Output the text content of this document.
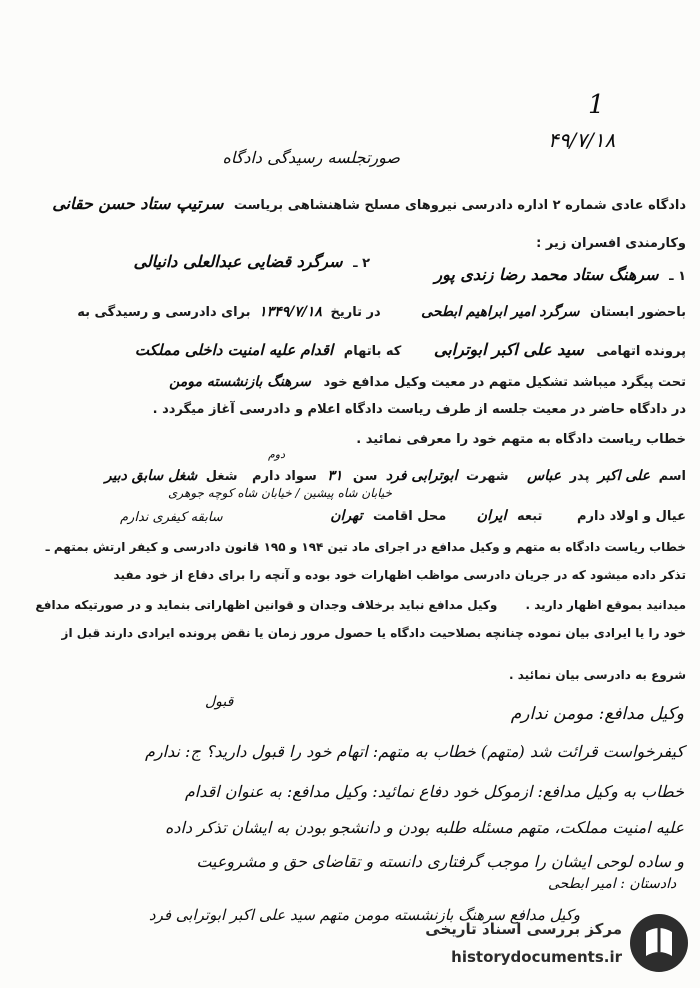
1
۴۹/۷/۱۸
صورتجلسه رسیدگی دادگاه
دادگاه عادی شماره ۲ اداره دادرسی نیروهای مسلح شاهنشاهی بریاست سرتیپ ستاد حسن حقانی
وکارمندی افسران زیر :
۱ ـ سرهنگ ستاد محمد رضا زندی پور
۲ ـ سرگرد قضایی عبدالعلی دانیالی
باحضور ابستان سرگرد امیر ابراهیم ابطحی در تاریخ ۱۳۴۹/۷/۱۸ برای دادرسی و رسیدگی به
پرونده اتهامی سید علی اکبر ابوترابی که باتهام اقدام علیه امنیت داخلی مملکت
تحت پیگرد میباشد تشکیل متهم در معیت وکیل مدافع خود سرهنگ بازنشسته مومن
در دادگاه حاضر در معیت جلسه از طرف ریاست دادگاه اعلام و دادرسی آغاز میگردد .
خطاب ریاست دادگاه به متهم خود را معرفی نمائید .
دوم
اسم علی اکبر پدر عباس شهرت ابوترابی فرد سن ۳۱ سواد دارم شغل شغل سابق دبیر
خیابان شاه پیشین / خیابان شاه کوچه جوهری
عیال و اولاد دارم تبعه ایران محل اقامت تهران
سابقه کیفری ندارم
خطاب ریاست دادگاه به متهم و وکیل مدافع در اجرای ماد تین ۱۹۴ و ۱۹۵ قانون دادرسی و کیفر ارتش بمتهم ـ
تذکر داده میشود که در جریان دادرسی مواظب اظهارات خود بوده و آنچه را برای دفاع از خود مفید
میدانید بموقع اظهار دارید . وکیل مدافع نباید برخلاف وجدان و قوانین اظهاراتی بنماید و در صورتیکه مدافع
خود را یا ایرادی بیان نموده چنانچه بصلاحیت دادگاه یا حصول مرور زمان یا نقض پرونده ایرادی دارند قبل از
شروع به دادرسی بیان نمائید .
قبول
وکیل مدافع: مومن ندارم
کیفرخواست قرائت شد (متهم) خطاب به متهم: اتهام خود را قبول دارید؟ ج: ندارم
خطاب به وکیل مدافع: ازموکل خود دفاع نمائید: وکیل مدافع: به عنوان اقدام
علیه امنیت مملکت، متهم مسئله طلبه بودن و دانشجو بودن به ایشان تذکر داده
و ساده لوحی ایشان را موجب گرفتاری دانسته و تقاضای حق و مشروعیت
وکیل مدافع سرهنگ بازنشسته مومن متهم سید علی اکبر ابوترابی فرد
دادستان : امیر ابطحی
مرکز بررسی اسناد تاریخی
historydocuments.ir
